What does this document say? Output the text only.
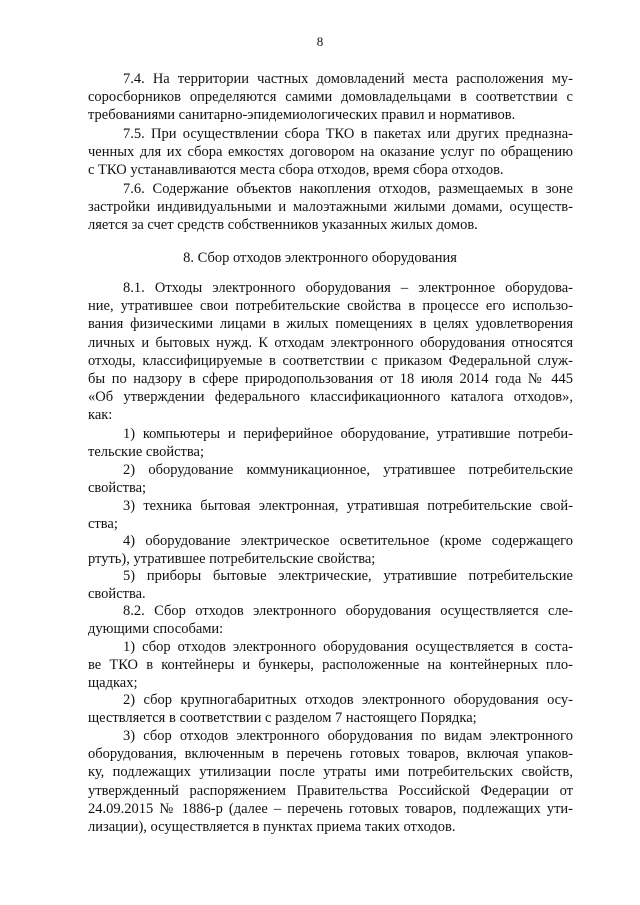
8
7.4. На территории частных домовладений места расположения му-
соросборников определяются самими домовладельцами в соответствии с
требованиями санитарно-эпидемиологических правил и нормативов.
7.5. При осуществлении сбора ТКО в пакетах или других предназна-
ченных для их сбора емкостях договором на оказание услуг по обращению
с ТКО устанавливаются места сбора отходов, время сбора отходов.
7.6. Содержание объектов накопления отходов, размещаемых в зоне
застройки индивидуальными и малоэтажными жилыми домами, осуществ-
ляется за счет средств собственников указанных жилых домов.
8. Сбор отходов электронного оборудования
8.1. Отходы электронного оборудования – электронное оборудова-
ние, утратившее свои потребительские свойства в процессе его использо-
вания физическими лицами в жилых помещениях в целях удовлетворения
личных и бытовых нужд. К отходам электронного оборудования относятся
отходы, классифицируемые в соответствии с приказом Федеральной служ-
бы по надзору в сфере природопользования от 18 июля 2014 года № 445
«Об утверждении федерального классификационного каталога отходов»,
как:
1) компьютеры и периферийное оборудование, утратившие потреби-
тельские свойства;
2) оборудование коммуникационное, утратившее потребительские
свойства;
3) техника бытовая электронная, утратившая потребительские свой-
ства;
4) оборудование электрическое осветительное (кроме содержащего
ртуть), утратившее потребительские свойства;
5) приборы бытовые электрические, утратившие потребительские
свойства.
8.2. Сбор отходов электронного оборудования осуществляется сле-
дующими способами:
1) сбор отходов электронного оборудования осуществляется в соста-
ве ТКО в контейнеры и бункеры, расположенные на контейнерных пло-
щадках;
2) сбор крупногабаритных отходов электронного оборудования осу-
ществляется в соответствии с разделом 7 настоящего Порядка;
3) сбор отходов электронного оборудования по видам электронного
оборудования, включенным в перечень готовых товаров, включая упаков-
ку, подлежащих утилизации после утраты ими потребительских свойств,
утвержденный распоряжением Правительства Российской Федерации от
24.09.2015 № 1886-р (далее – перечень готовых товаров, подлежащих ути-
лизации), осуществляется в пунктах приема таких отходов.
